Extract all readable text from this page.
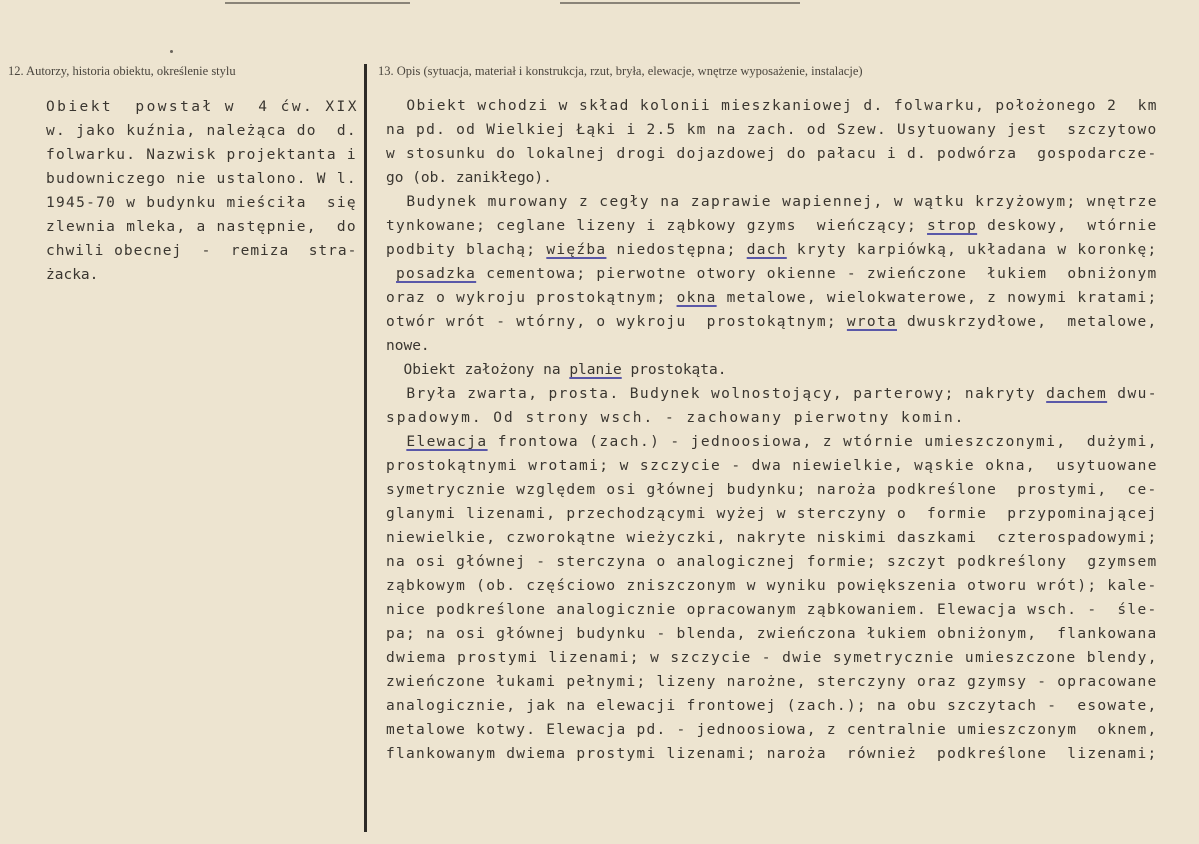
12. Autorzy, historia obiektu, określenie stylu	13. Opis (sytuacja, materiał i konstrukcja, rzut, bryła, elewacje, wnętrze wyposażenie, instalacje)
Obiekt  powstał w  4 ćw. XIX
w. jako kuźnia, należąca do  d.
folwarku. Nazwisk projektanta i
budowniczego nie ustalono. W l.
1945-70 w budynku mieściła  się
zlewnia mleka, a następnie,  do
chwili obecnej  -  remiza  stra-
żacka.
Obiekt wchodzi w skład kolonii mieszkaniowej d. folwarku, położonego 2  km
na pd. od Wielkiej Łąki i 2.5 km na zach. od Szew. Usytuowany jest  szczytowo
w stosunku do lokalnej drogi dojazdowej do pałacu i d. podwórza  gospodarcze-
go (ob. zanikłego).
Budynek murowany z cegły na zaprawie wapiennej, w wątku krzyżowym; wnętrze
tynkowane; ceglane lizeny i ząbkowy gzyms  wieńczący; strop deskowy,  wtórnie
podbity blachą; więźba niedostępna; dach kryty karpiówką, układana w koronkę;
posadzka cementowa; pierwotne otwory okienne - zwieńczone  łukiem  obniżonym
oraz o wykroju prostokątnym; okna metalowe, wielokwaterowe, z nowymi kratami;
otwór wrót - wtórny, o wykroju  prostokątnym; wrota dwuskrzydłowe,  metalowe,
nowe.
Obiekt założony na planie prostokąta.
Bryła zwarta, prosta. Budynek wolnostojący, parterowy; nakryty dachem dwu-
spadowym. Od strony wsch. - zachowany pierwotny komin.
Elewacja frontowa (zach.) - jednoosiowa, z wtórnie umieszczonymi,  dużymi,
prostokątnymi wrotami; w szczycie - dwa niewielkie, wąskie okna,  usytuowane
symetrycznie względem osi głównej budynku; naroża podkreślone  prostymi,  ce-
glanymi lizenami, przechodzącymi wyżej w sterczyny o  formie  przypominającej
niewielkie, czworokątne wieżyczki, nakryte niskimi daszkami  czterospadowymi;
na osi głównej - sterczyna o analogicznej formie; szczyt podkreślony  gzymsem
ząbkowym (ob. częściowo zniszczonym w wyniku powiększenia otworu wrót); kale-
nice podkreślone analogicznie opracowanym ząbkowaniem. Elewacja wsch. -  śle-
pa; na osi głównej budynku - blenda, zwieńczona łukiem obniżonym,  flankowana
dwiema prostymi lizenami; w szczycie - dwie symetrycznie umieszczone blendy,
zwieńczone łukami pełnymi; lizeny narożne, sterczyny oraz gzymsy - opracowane
analogicznie, jak na elewacji frontowej (zach.); na obu szczytach -  esowate,
metalowe kotwy. Elewacja pd. - jednoosiowa, z centralnie umieszczonym  oknem,
flankowanym dwiema prostymi lizenami; naroża  również  podkreślone  lizenami;
